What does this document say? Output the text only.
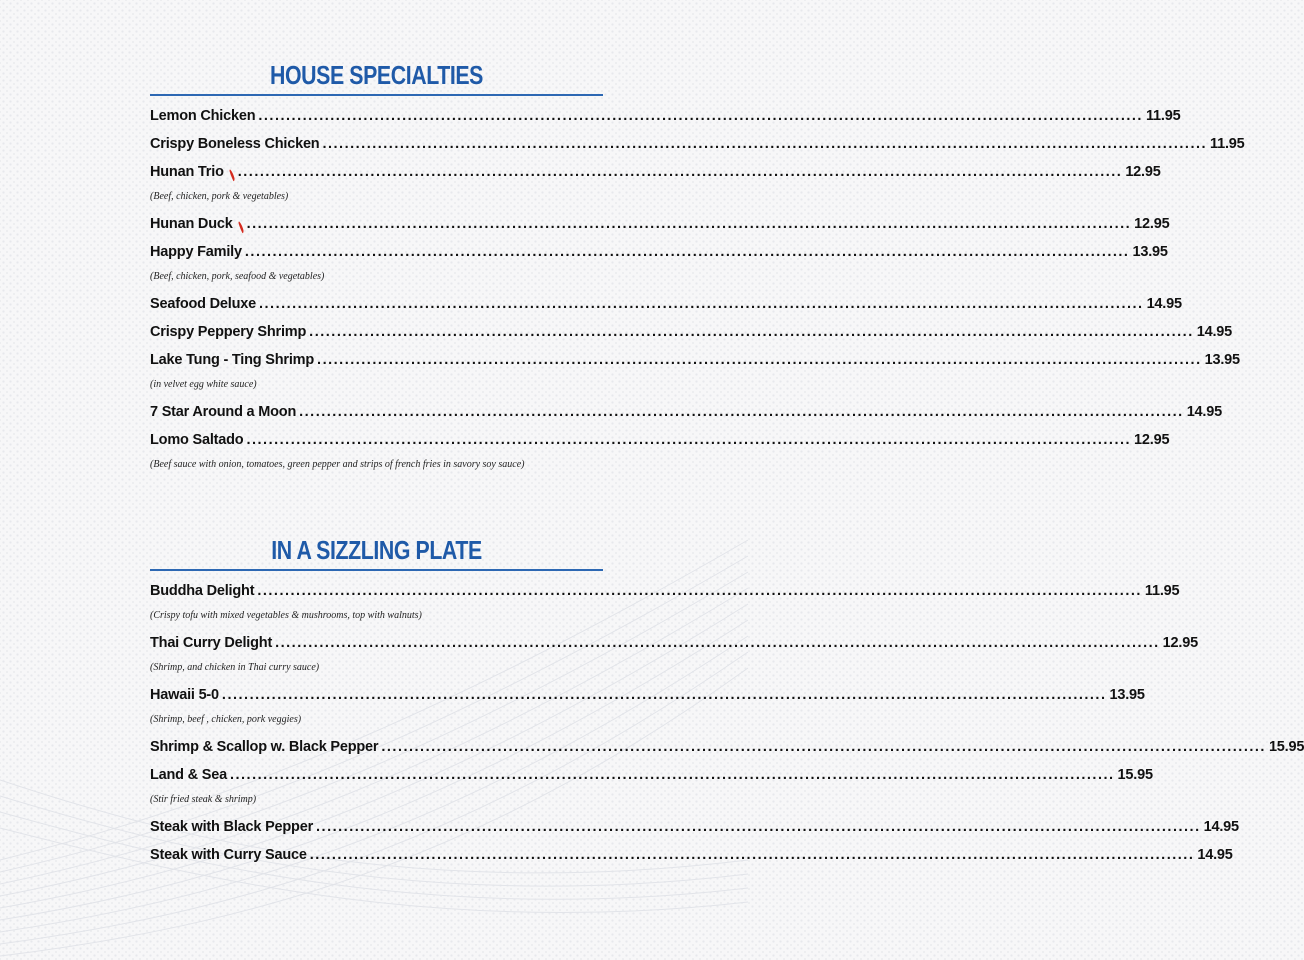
HOUSE SPECIALTIES
Lemon Chicken ................................................................................................................................................................ 11.95
Crispy Boneless Chicken ................................................................................................................................................................ 11.95
Hunan Trio ................................................................................................................................................................ 12.95
(Beef, chicken, pork & vegetables)
Hunan Duck ................................................................................................................................................................ 12.95
Happy Family ................................................................................................................................................................ 13.95
(Beef, chicken, pork, seafood & vegetables)
Seafood Deluxe ................................................................................................................................................................ 14.95
Crispy Peppery Shrimp ................................................................................................................................................................ 14.95
Lake Tung - Ting Shrimp ................................................................................................................................................................ 13.95
(in velvet egg white sauce)
7 Star Around a Moon ................................................................................................................................................................ 14.95
Lomo Saltado ................................................................................................................................................................ 12.95
(Beef sauce with onion, tomatoes, green pepper and strips of french fries in savory soy sauce)
IN A SIZZLING PLATE
Buddha Delight ................................................................................................................................................................ 11.95
(Crispy tofu with mixed vegetables & mushrooms, top with walnuts)
Thai Curry Delight ................................................................................................................................................................ 12.95
(Shrimp, and chicken in Thai curry sauce)
Hawaii 5-0 ................................................................................................................................................................ 13.95
(Shrimp, beef , chicken, pork veggies)
Shrimp & Scallop w. Black Pepper ................................................................................................................................................................ 15.95
Land & Sea ................................................................................................................................................................ 15.95
(Stir fried steak & shrimp)
Steak with Black Pepper ................................................................................................................................................................ 14.95
Steak with Curry Sauce ................................................................................................................................................................ 14.95
